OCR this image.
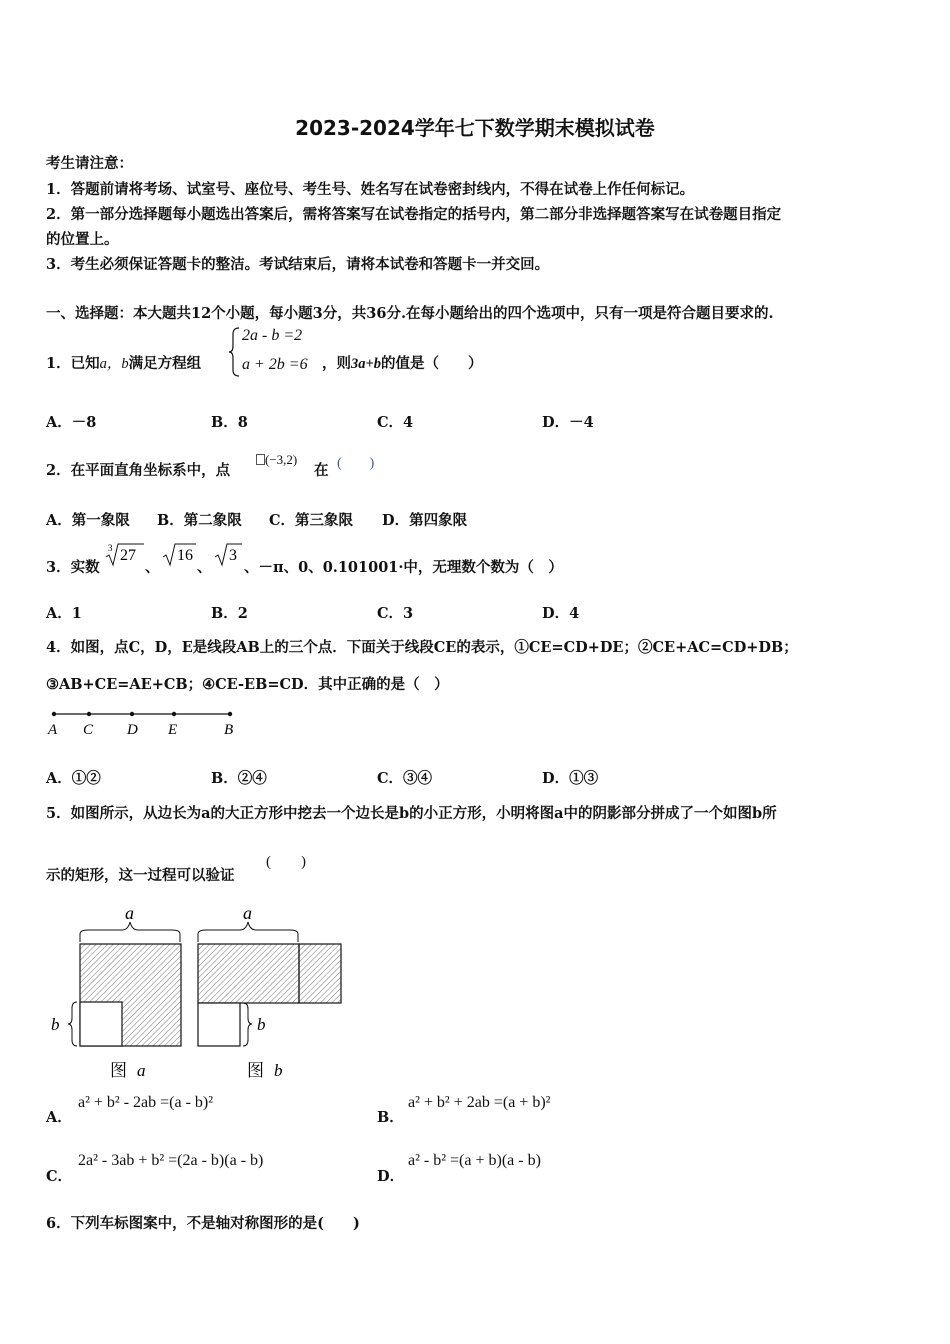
2023-2024学年七下数学期末模拟试卷
考生请注意：
1．答题前请将考场、试室号、座位号、考生号、姓名写在试卷密封线内，不得在试卷上作任何标记。
2．第一部分选择题每小题选出答案后，需将答案写在试卷指定的括号内，第二部分非选择题答案写在试卷题目指定
的位置上。
3．考生必须保证答题卡的整洁。考试结束后，请将本试卷和答题卡一并交回。
一、选择题：本大题共12个小题，每小题3分，共36分.在每小题给出的四个选项中，只有一项是符合题目要求的.
1．已知a，b满足方程组
2a - b =2
a + 2b =6 ，则3a+b的值是（　　）
A．－8	B．8	C．4	D．－4
2．在平面直角坐标系中，点
(−3,2)
在 (　　)
A．第一象限 B．第二象限 C．第三象限 D．第四象限
3．实数
3 27
、
16
、
3
、－π、0、0.101001·中，无理数个数为（　）
A．1	B．2	C．3	D．4
4．如图，点C，D，E是线段AB上的三个点．下面关于线段CE的表示，①CE=CD+DE；②CE+AC=CD+DB；
③AB+CE=AE+CB；④CE-EB=CD．其中正确的是（　）
A C D E	B
A．①②	B．②④	C．③④	D．①③
5．如图所示，从边长为a的大正方形中挖去一个边长是b的小正方形，小明将图a中的阴影部分拼成了一个如图b所
示的矩形，这一过程可以验证
(　　)
a
b
图 a
a
b
图 b
A．
a² + b² - 2ab =(a - b)²
B．
a² + b² + 2ab =(a + b)²
C．
2a² - 3ab + b² =(2a - b)(a - b)
D．
a² - b² =(a + b)(a - b)
6．下列车标图案中，不是轴对称图形的是(　　)
